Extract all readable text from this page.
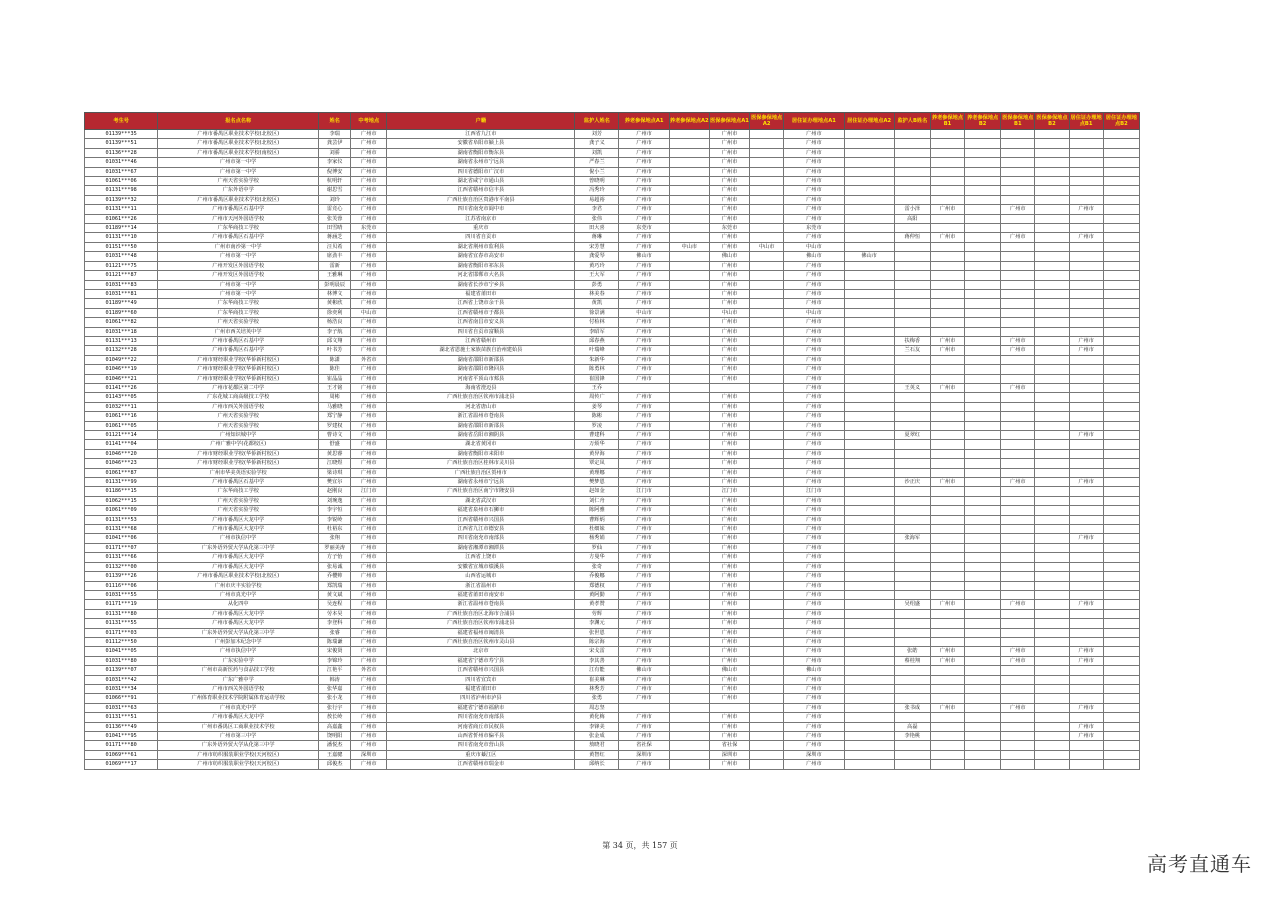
考生号	报名点名称	姓名	中考地点	户籍	监护人姓名	养老参保地点A1	养老参保地点A2	医保参保地点A1	医保参保地点A2	居住证办理地点A1	居住证办理地点A2	监护人B姓名	养老参保地点B1	养老参保地点B2	医保参保地点B1	医保参保地点B2	居住证办理地点B1	居住证办理地点B2
01139***35	广州市番禺区职业技术学校(北校区)	李瑞	广州市	江西省九江市	刘芳	广州市		广州市		广州市								
01139***51	广州市番禺区职业技术学校(北校区)	龚芸伊	广州市	安徽省阜阳市颍上县	龚子义	广州市		广州市		广州市								
01136***28	广州市番禺区职业技术学校(南校区)	刘骄	广州市	湖南省衡阳市衡东县	刘凯	广州市		广州市		广州市								
01031***46	广州市第一中学	李家仪	广州市	湖南省永州市宁远县	严春兰	广州市		广州市		广州市								
01031***67	广州市第一中学	倪博安	广州市	四川省德阳市广汉市	倪小兰	广州市		广州市		广州市								
01061***06	广州天省实验学校	杭明轩	广州市	湖北省咸宁市通山县	曾晓明	广州市		广州市		广州市								
01131***98	广东外语中学	谢思雪	广州市	江西省赣州市信丰县	冯秀玲	广州市		广州市		广州市								
01139***32	广州市番禺区职业技术学校(北校区)	刘玲	广州市	广西壮族自治区贵港市平南县	易超裕	广州市		广州市		广州市								
01131***11	广州市番禺区石基中学	雷竞心	广州市	四川省南充市阆中市	李君	广州市		广州市		广州市		雷小泽	广州市		广州市		广州市	
01061***26	广州市天河外国语学校	张芙蓉	广州市	江苏省南京市	张伟	广州市		广州市		广州市		高阳						
01189***14	广东华商技工学校	田雪晴	东莞市	重庆市	田大喜	东莞市		东莞市		东莞市								
01131***10	广州市番禺区石基中学	蒋涵芝	广州市	四川省自贡市	蒋琳	广州市		广州市		广州市		蒋仲恒	广州市		广州市		广州市	
01151***50	广州市南沙第一中学	汪贝希	广州市	湖北省荆州市监利县	宋芳慧	广州市	中山市	广州市	中山市	中山市								
01031***48	广州市第一中学	席劲丰	广州市	湖南省宜春市高安市	龚爱琴	佛山市		佛山市		佛山市	佛山市							
01121***75	广州开发区外国语学校	雷新	广州市	湖南省衡阳市祁东县	黄巧玲	广州市		广州市		广州市								
01121***87	广州开发区外国语学校	王雅琳	广州市	河北省邯郸市大名县	王大军	广州市		广州市		广州市								
01031***83	广州市第一中学	彭明晨辰	广州市	湖南省长沙市宁乡县	彭勇	广州市		广州市		广州市								
01031***81	广州市第一中学	林博文	广州市	福建省莆田市	林美春	广州市		广州市		广州市								
01189***49	广东华商技工学校	黄彬欣	广州市	江西省上饶市余干县	黄凯	广州市		广州市		广州市								
01189***60	广东华商技工学校	徐奕利	中山市	江西省赣州市于都县	徐景满	中山市		中山市		中山市								
01061***82	广州天省实验学校	杨浩良	广州市	江西省南昌市安义县	付检林	广州市		广州市		广州市								
01031***18	广州市西关培英中学	李子航	广州市	四川省自贡市富顺县	李昭军	广州市		广州市		广州市								
01131***13	广州市番禺区石基中学	邱文翔	广州市	江西省赣州市	邱春燕	广州市		广州市		广州市		扶梅香	广州市		广州市		广州市	
01132***28	广州市番禺区石基中学	叶书芳	广州市	湖北省恩施土家族苗族自治州建始县	叶瑞峰	广州市		广州市		广州市		兰石友	广州市		广州市		广州市	
01049***22	广州市财经职业学校(华侨新村校区)	陈潇	外省市	湖南省邵阳市新邵县	朱新华	广州市		广州市		广州市								
01046***19	广州市财经职业学校(华侨新村校区)	陈佳	广州市	湖南省邵阳市隆回县	陈勇林	广州市		广州市		广州市								
01046***21	广州市财经职业学校(华侨新村校区)	崔晶晶	广州市	河南省平顶山市郏县	崔国锋	广州市		广州市		广州市								
01141***26	广州市花都区第二中学	王才铭	广州市	海南省澄迈县	王乔					广州市		王英义	广州市		广州市			
01143***05	广东花城工商高级技工学校	周彬	广州市	广西壮族自治区钦州市浦北县	周传广	广州市		广州市		广州市								
01032***11	广州市西关外国语学校	马雅晓	广州市	河北省唐山市	姜琴	广州市		广州市		广州市								
01061***16	广州天省实验学校	郑宁静	广州市	浙江省温州市苍南县	陈彬	广州市		广州市		广州市								
01061***05	广州天省实验学校	罗建权	广州市	湖南省邵阳市新邵县	罗凌	广州市		广州市		广州市								
01121***14	广州知识城中学	曹诗文	广州市	湖南省岳阳市湘阴县	曹建科	广州市		广州市		广州市		夏翠红					广州市	
01141***04	广州广雅中学(花都校区)	舒盛	广州市	湖北省黄冈市	万烦华	广州市		广州市		广州市								
01046***20	广州市财经职业学校(华侨新村校区)	黄思睿	广州市	湖南省衡阳市耒阳市	黄异海	广州市		广州市		广州市								
01046***23	广州市财经职业学校(华侨新村校区)	江晓煜	广州市	广西壮族自治区桂林市灵川县	覃定凤	广州市		广州市		广州市								
01061***87	广州市华美英语实验学校	梁诗琪	广州市	广西壮族自治区贺州市	黄理娜	广州市		广州市		广州市								
01131***99	广州市番禺区石基中学	樊宜尔	广州市	湖南省永州市宁远县	樊梦恩	广州市		广州市		广州市		沙正庆	广州市		广州市		广州市	
01186***15	广东华商技工学校	赵刚良	江门市	广西壮族自治区南宁市隆安县	赵如金	江门市		江门市		江门市								
01062***15	广州天省实验学校	刘琬逸	广州市	湖北省武汉市	刘仁舟	广州市		广州市		广州市								
01061***09	广州天省实验学校	李宇恒	广州市	福建省泉州市石狮市	陈阿雅	广州市		广州市		广州市								
01131***53	广州市番禺区大龙中学	李锐岭	广州市	江西省赣州市兴国县	曹辉炳	广州市		广州市		广州市								
01131***68	广州市番禺区大龙中学	杜裕东	广州市	江西省九江市德安县	杜细妹	广州市		广州市		广州市								
01041***06	广州市执信中学	张翔	广州市	四川省南充市南部县	杨秀娟	广州市		广州市		广州市		张海军					广州市	
01171***07	广东外语外贸大学从化第三中学	罗丽美涛	广州市	湖南省湘潭市湘潭县	罗仙	广州市		广州市		广州市								
01131***66	广州市番禺区大龙中学	方子怡	广州市	江西省上饶市	方曼华	广州市		广州市		广州市								
01132***00	广州市番禺区大龙中学	张易诚	广州市	安徽省宣城市绩溪县	张奇	广州市		广州市		广州市								
01139***26	广州市番禺区职业技术学校(北校区)	乔樱帅	广州市	山西省运城市	乔俊娜	广州市		广州市		广州市								
01116***06	广州市庆丰实验学校	郑凯瑞	广州市	浙江省温州市	郑德权	广州市		广州市		广州市								
01031***55	广州市真光中学	黄文斌	广州市	福建省莆田市南安市	黄阿勤	广州市		广州市		广州市								
01171***19	从化四中	吴连程	广州市	浙江省温州市苍南县	黄孝赞	广州市		广州市		广州市		吴绍盛	广州市		广州市		广州市	
01131***80	广州市番禺区大龙中学	劳本昊	广州市	广西壮族自治区北海市合浦县	劳辉	广州市		广州市		广州市								
01131***55	广州市番禺区大龙中学	李登科	广州市	广西壮族自治区钦州市浦北县	李渊元	广州市		广州市		广州市								
01171***03	广东外语外贸大学从化第三中学	张睿	广州市	福建省福州市闽清县	张世恩	广州市		广州市		广州市								
01112***50	广州彭加木纪念中学	陈瑞谦	广州市	广西壮族自治区钦州市灵山县	陈宗海	广州市		广州市		广州市								
01041***05	广州市执信中学	宋俊贤	广州市	北京市	宋戈雷	广州市		广州市		广州市		张皓	广州市		广州市		广州市	
01031***80	广东实验中学	李锦玲	广州市	福建省宁德市寿宁县	李其善	广州市		广州市		广州市		蔡桂翔	广州市		广州市		广州市	
01139***07	广州市高新医药与食品技工学校	江艳平	外省市	江西省赣州市兴国县	江有能	佛山市		佛山市		佛山市								
01031***42	广东广雅中学	韩涛	广州市	四川省宜宾市	崔美琳	广州市		广州市		广州市								
01031***34	广州市西关外国语学校	张华嘉	广州市	福建省莆田市	林秀芳	广州市		广州市		广州市								
01066***91	广州体育职业技术学院附属体育运动学校	张小龙	广州市	四川省泸州市泸县	张勇	广州市		广州市		广州市								
01031***63	广州市真光中学	张行宇	广州市	福建省宁德市福鼎市	周志坚					广州市		张书成	广州市		广州市		广州市	
01131***51	广州市番禺区大龙中学	敖长岭	广州市	四川省南充市南部县	黄化梅	广州市		广州市		广州市								
01136***49	广州市番禺区工商职业技术学校	高嘉鑫	广州市	河南省商丘市民权县	李锋美	广州市		广州市		广州市		高磊					广州市	
01041***95	广州市第三中学	饶明阳	广州市	山西省忻州市偏平县	张金成	广州市		广州市		广州市		李艳桃					广州市	
01171***80	广东外语外贸大学从化第三中学	潘悦杰	广州市	四川省南充市营山县	敖晓君	省社保		省社保		广州市								
01069***61	广州市纺织服装职业学校(天河校区)	王嘉骢	深圳市	重庆市綦江区	黄智红	深圳市		深圳市		深圳市								
01069***17	广州市纺织服装职业学校(天河校区)	邱俊杰	广州市	江西省赣州市瑞金市	邱纳长	广州市		广州市		广州市								
第 34 页，共 157 页
高考直通车
